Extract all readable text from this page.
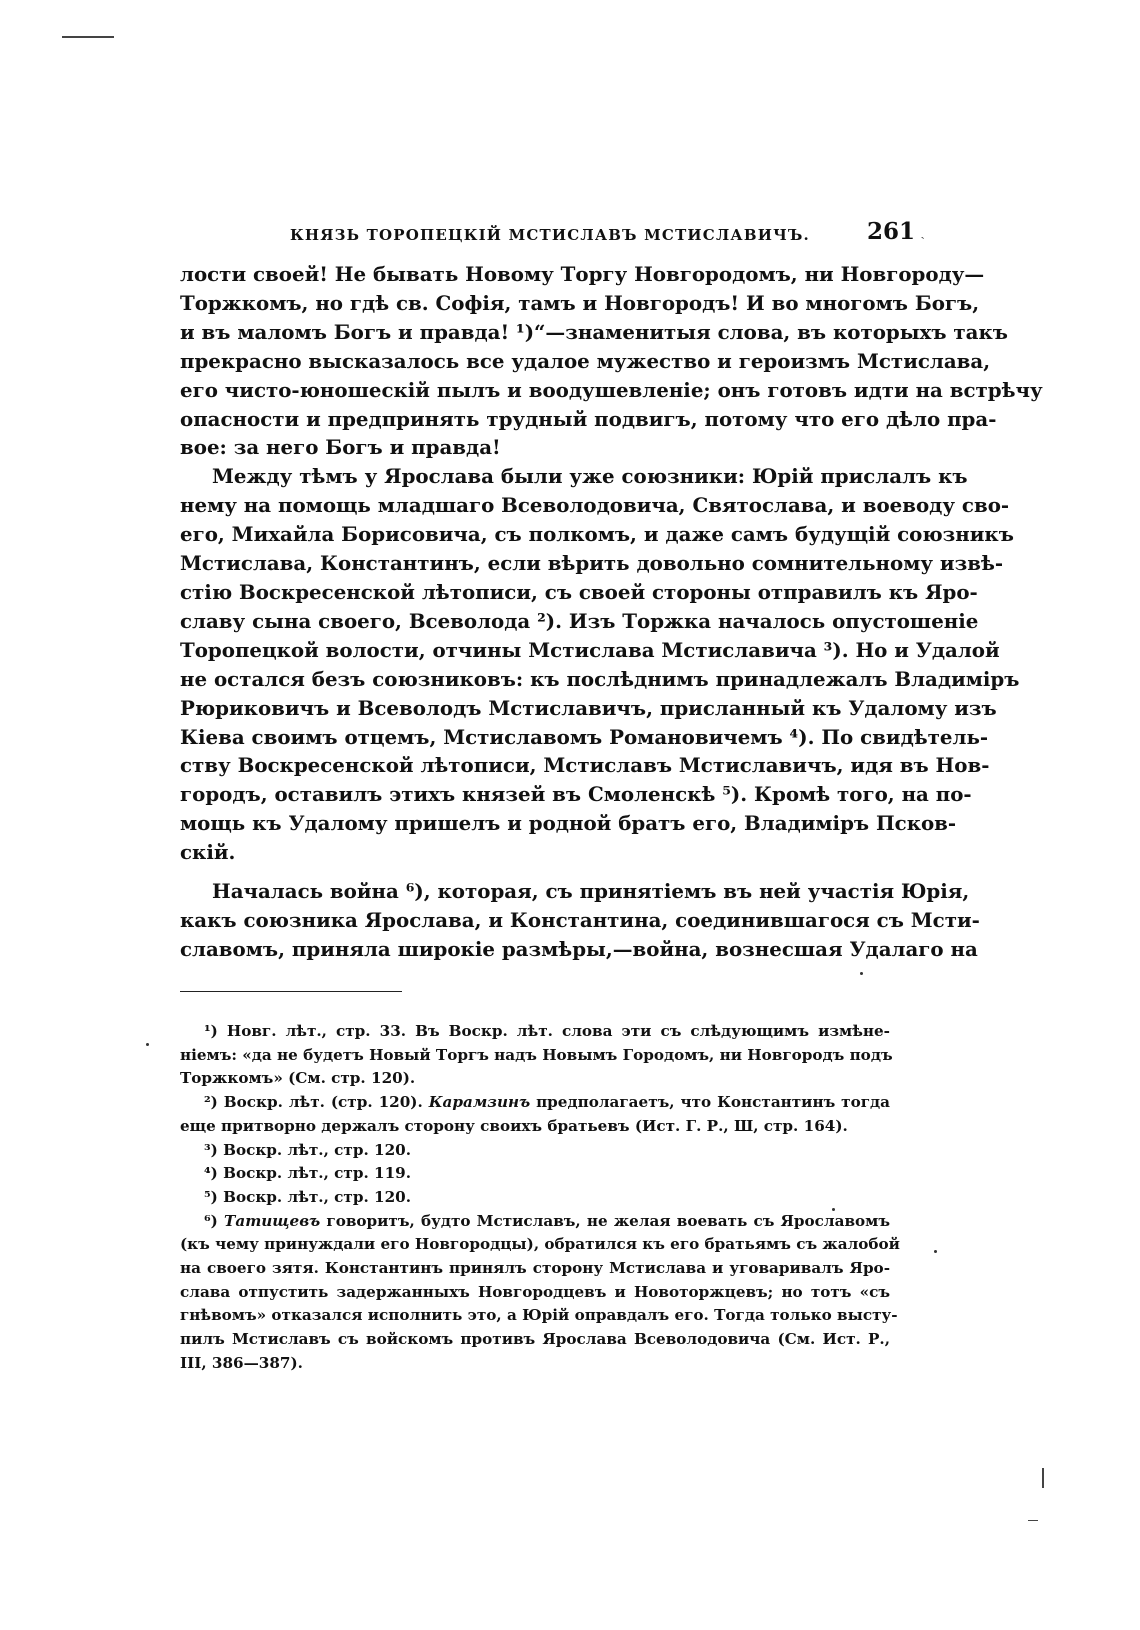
КНЯЗЬ ТОРОПЕЦКІЙ МСТИСЛАВЪ МСТИСЛАВИЧЪ. 261 ˏ

лости своей! Не бывать Новому Торгу Новгородомъ, ни Новгороду—
Торжкомъ, но гдѣ св. Софія, тамъ и Новгородъ! И во многомъ Богъ,
и въ маломъ Богъ и правда! ¹)“—знаменитыя слова, въ которыхъ такъ
прекрасно высказалось все удалое мужество и героизмъ Мстислава,
его чисто-юношескій пылъ и воодушевленіе; онъ готовъ идти на встрѣчу
опасности и предпринять трудный подвигъ, потому что его дѣло пра-
вое: за него Богъ и правда!

Между тѣмъ у Ярослава были уже союзники: Юрій прислалъ къ
нему на помощь младшаго Всеволодовича, Святослава, и воеводу сво-
его, Михайла Борисовича, съ полкомъ, и даже самъ будущій союзникъ
Мстислава, Константинъ, если вѣрить довольно сомнительному извѣ-
стію Воскресенской лѣтописи, съ своей стороны отправилъ къ Яро-
славу сына своего, Всеволода ²). Изъ Торжка началось опустошеніе
Торопецкой волости, отчины Мстислава Мстиславича ³). Но и Удалой
не остался безъ союзниковъ: къ послѣднимъ принадлежалъ Владиміръ
Рюриковичъ и Всеволодъ Мстиславичъ, присланный къ Удалому изъ
Кіева своимъ отцемъ, Мстиславомъ Романовичемъ ⁴). По свидѣтель-
ству Воскресенской лѣтописи, Мстиславъ Мстиславичъ, идя въ Нов-
городъ, оставилъ этихъ князей въ Смоленскѣ ⁵). Кромѣ того, на по-
мощь къ Удалому пришелъ и родной братъ его, Владиміръ Псков-
скій.

Началась война ⁶), которая, съ принятіемъ въ ней участія Юрія,
какъ союзника Ярослава, и Константина, соединившагося съ Мсти-
славомъ, приняла широкіе размѣры,—война, вознесшая Удалаго на

¹) Новг. лѣт., стр. 33. Въ Воскр. лѣт. слова эти съ слѣдующимъ измѣне-
ніемъ: «да не будетъ Новый Торгъ надъ Новымъ Городомъ, ни Новгородъ подъ
Торжкомъ» (См. стр. 120).
²) Воскр. лѣт. (стр. 120). Карамзинъ предполагаетъ, что Константинъ тогда
еще притворно держалъ сторону своихъ братьевъ (Ист. Г. Р., Ш, стр. 164).
³) Воскр. лѣт., стр. 120.
⁴) Воскр. лѣт., стр. 119.
⁵) Воскр. лѣт., стр. 120.
⁶) Татищевъ говоритъ, будто Мстиславъ, не желая воевать съ Ярославомъ
(къ чему принуждали его Новгородцы), обратился къ его братьямъ съ жалобой
на своего зятя. Константинъ принялъ сторону Мстислава и уговаривалъ Яро-
слава отпустить задержанныхъ Новгородцевъ и Новоторжцевъ; но тотъ «съ
гнѣвомъ» отказался исполнить это, а Юрій оправдалъ его. Тогда только высту-
пилъ Мстиславъ съ войскомъ противъ Ярослава Всеволодовича (См. Ист. Р.,
III, 386—387).
